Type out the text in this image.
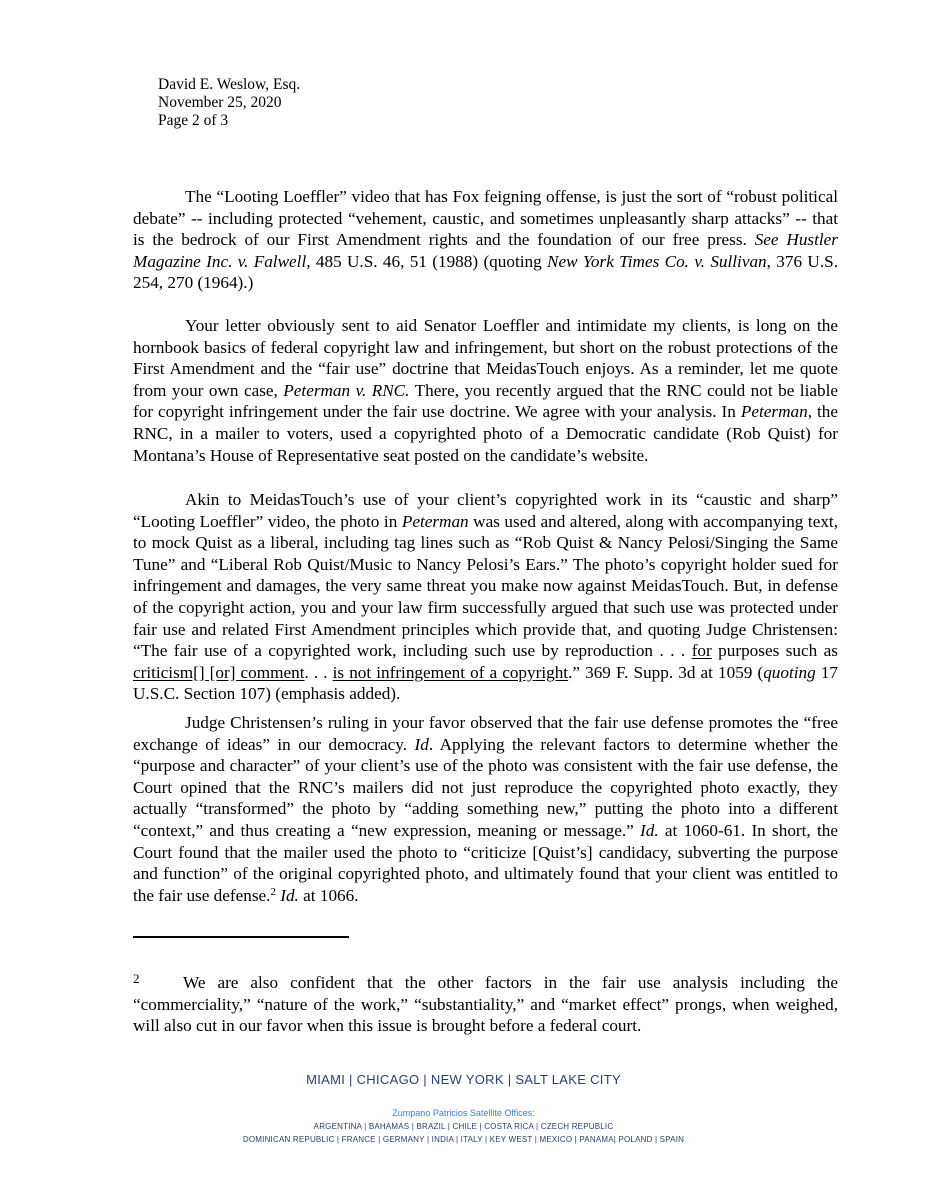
David E. Weslow, Esq.
November 25, 2020
Page 2 of 3

The “Looting Loeffler” video that has Fox feigning offense, is just the sort of “robust political debate” -- including protected “vehement, caustic, and sometimes unpleasantly sharp attacks” -- that is the bedrock of our First Amendment rights and the foundation of our free press. See Hustler Magazine Inc. v. Falwell, 485 U.S. 46, 51 (1988) (quoting New York Times Co. v. Sullivan, 376 U.S. 254, 270 (1964).)

Your letter obviously sent to aid Senator Loeffler and intimidate my clients, is long on the hornbook basics of federal copyright law and infringement, but short on the robust protections of the First Amendment and the “fair use” doctrine that MeidasTouch enjoys. As a reminder, let me quote from your own case, Peterman v. RNC. There, you recently argued that the RNC could not be liable for copyright infringement under the fair use doctrine. We agree with your analysis. In Peterman, the RNC, in a mailer to voters, used a copyrighted photo of a Democratic candidate (Rob Quist) for Montana’s House of Representative seat posted on the candidate’s website.

Akin to MeidasTouch’s use of your client’s copyrighted work in its “caustic and sharp” “Looting Loeffler” video, the photo in Peterman was used and altered, along with accompanying text, to mock Quist as a liberal, including tag lines such as “Rob Quist & Nancy Pelosi/Singing the Same Tune” and “Liberal Rob Quist/Music to Nancy Pelosi’s Ears.” The photo’s copyright holder sued for infringement and damages, the very same threat you make now against MeidasTouch. But, in defense of the copyright action, you and your law firm successfully argued that such use was protected under fair use and related First Amendment principles which provide that, and quoting Judge Christensen: “The fair use of a copyrighted work, including such use by reproduction . . . for purposes such as criticism[] [or] comment. . . is not infringement of a copyright.” 369 F. Supp. 3d at 1059 (quoting 17 U.S.C. Section 107) (emphasis added).

Judge Christensen’s ruling in your favor observed that the fair use defense promotes the “free exchange of ideas” in our democracy. Id. Applying the relevant factors to determine whether the “purpose and character” of your client’s use of the photo was consistent with the fair use defense, the Court opined that the RNC’s mailers did not just reproduce the copyrighted photo exactly, they actually “transformed” the photo by “adding something new,” putting the photo into a different “context,” and thus creating a “new expression, meaning or message.” Id. at 1060-61. In short, the Court found that the mailer used the photo to “criticize [Quist’s] candidacy, subverting the purpose and function” of the original copyrighted photo, and ultimately found that your client was entitled to the fair use defense.$^2$ Id. at 1066.

2	We are also confident that the other factors in the fair use analysis including the “commerciality,” “nature of the work,” “substantiality,” and “market effect” prongs, when weighed, will also cut in our favor when this issue is brought before a federal court.
MIAMI | CHICAGO | NEW YORK | SALT LAKE CITY
Zumpano Patricios Satellite Offices:
ARGENTINA | BAHAMAS | BRAZIL | CHILE | COSTA RICA | CZECH REPUBLIC
DOMINICAN REPUBLIC | FRANCE | GERMANY | INDIA | ITALY | KEY WEST | MEXICO | PANAMA| POLAND | SPAIN
